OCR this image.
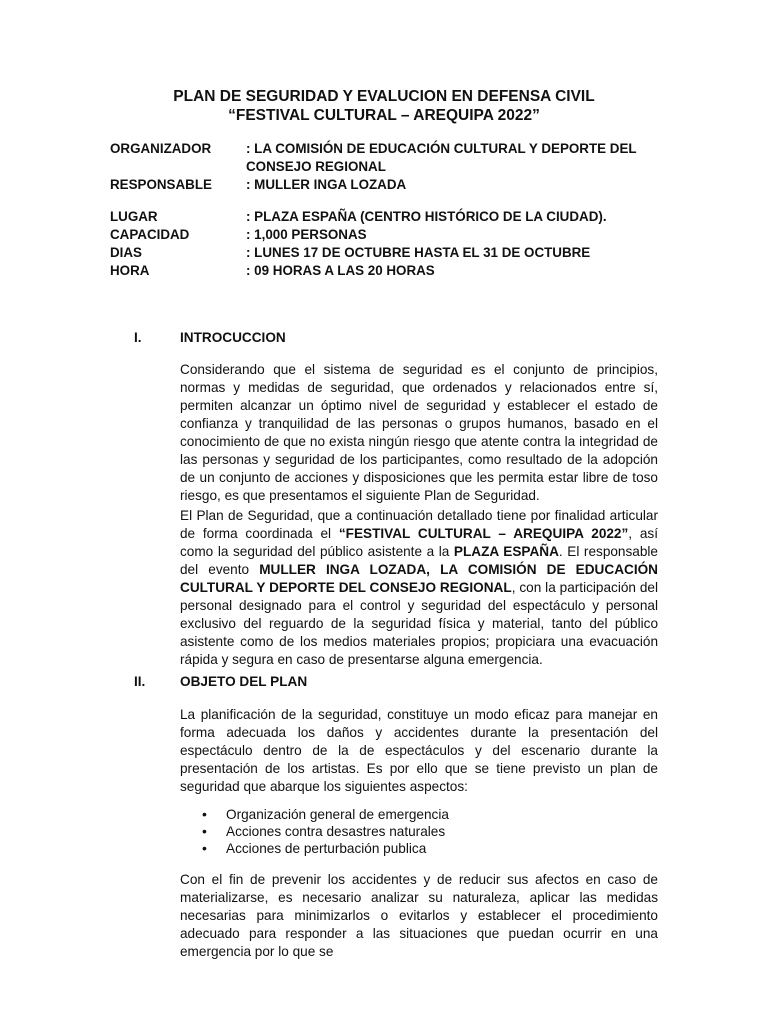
PLAN DE SEGURIDAD Y EVALUCION EN DEFENSA CIVIL
“FESTIVAL CULTURAL – AREQUIPA 2022”
ORGANIZADOR	: LA COMISIÓN DE EDUCACIÓN CULTURAL Y DEPORTE DEL CONSEJO REGIONAL
RESPONSABLE	: MULLER INGA LOZADA
LUGAR	: PLAZA ESPAÑA (CENTRO HISTÓRICO DE LA CIUDAD).
CAPACIDAD	: 1,000 PERSONAS
DIAS	: LUNES 17 DE OCTUBRE HASTA EL 31 DE OCTUBRE
HORA	: 09 HORAS A LAS 20 HORAS
I.	INTROCUCCION
Considerando que el sistema de seguridad es el conjunto de principios, normas y medidas de seguridad, que ordenados y relacionados entre sí, permiten alcanzar un óptimo nivel de seguridad y establecer el estado de confianza y tranquilidad de las personas o grupos humanos, basado en el conocimiento de que no exista ningún riesgo que atente contra la integridad de las personas y seguridad de los participantes, como resultado de la adopción de un conjunto de acciones y disposiciones que les permita estar libre de toso riesgo, es que presentamos el siguiente Plan de Seguridad.
El Plan de Seguridad, que a continuación detallado tiene por finalidad articular de forma coordinada el “FESTIVAL CULTURAL – AREQUIPA 2022”, así como la seguridad del público asistente a la PLAZA ESPAÑA. El responsable del evento MULLER INGA LOZADA, LA COMISIÓN DE EDUCACIÓN CULTURAL Y DEPORTE DEL CONSEJO REGIONAL, con la participación del personal designado para el control y seguridad del espectáculo y personal exclusivo del reguardo de la seguridad física y material, tanto del público asistente como de los medios materiales propios; propiciara una evacuación rápida y segura en caso de presentarse alguna emergencia.
II.	OBJETO DEL PLAN
La planificación de la seguridad, constituye un modo eficaz para manejar en forma adecuada los daños y accidentes durante la presentación del espectáculo dentro de la de espectáculos y del escenario durante la presentación de los artistas. Es por ello que se tiene previsto un plan de seguridad que abarque los siguientes aspectos:
• Organización general de emergencia
• Acciones contra desastres naturales
• Acciones de perturbación publica
Con el fin de prevenir los accidentes y de reducir sus afectos en caso de materializarse, es necesario analizar su naturaleza, aplicar las medidas necesarias para minimizarlos o evitarlos y establecer el procedimiento adecuado para responder a las situaciones que puedan ocurrir en una emergencia por lo que se
